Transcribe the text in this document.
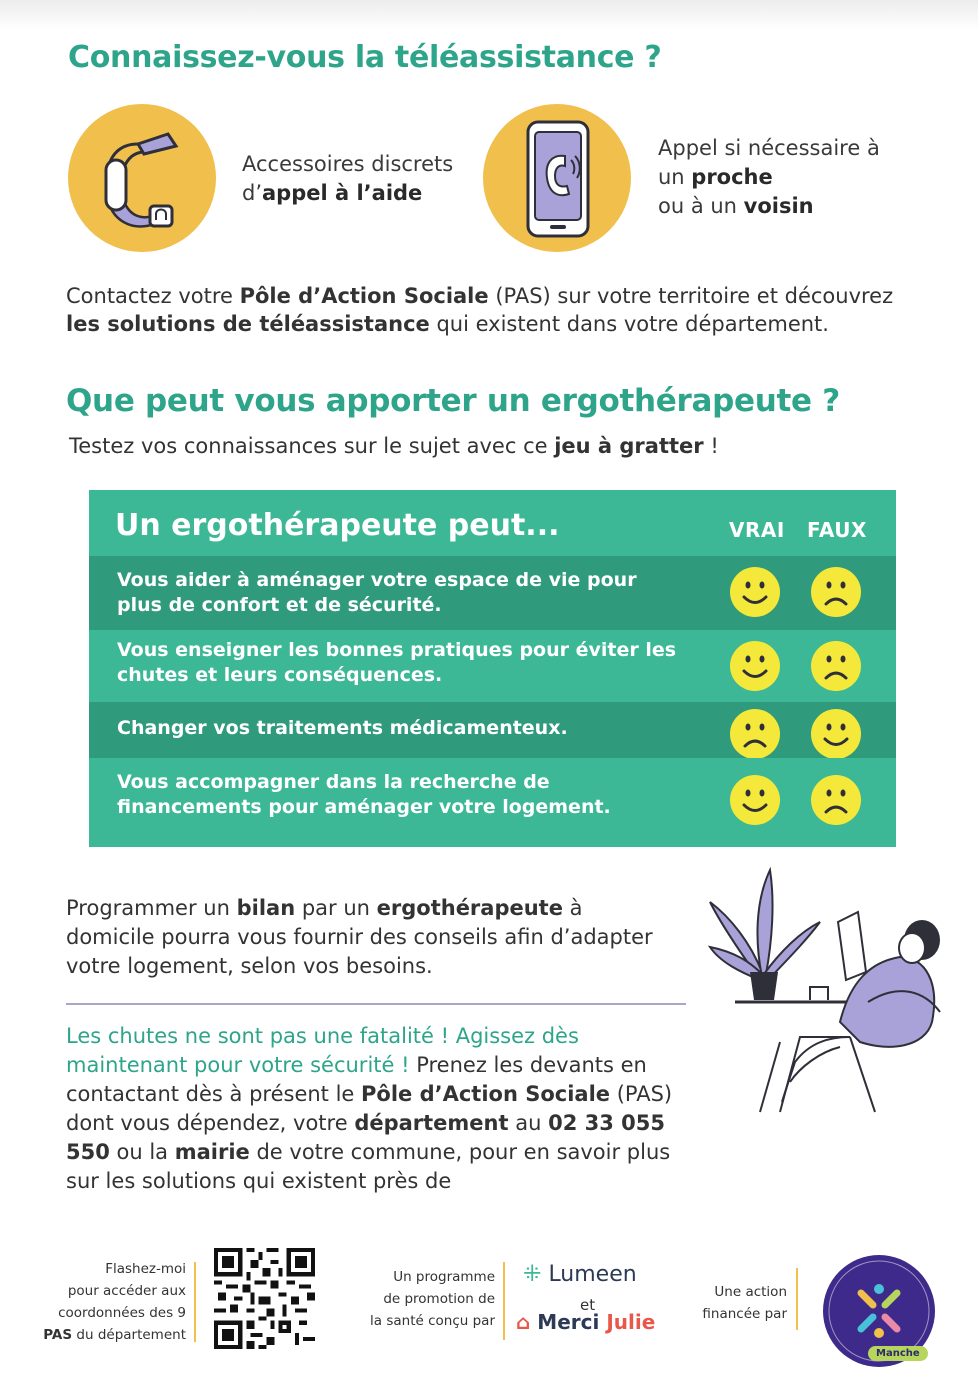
Connaissez-vous la téléassistance ?
Accessoires discrets
d’appel à l’aide
Appel si nécessaire à
un proche
ou à un voisin

Contactez votre Pôle d’Action Sociale (PAS) sur votre territoire et découvrez les solutions de téléassistance qui existent dans votre département.

Que peut vous apporter un ergothérapeute ?

Testez vos connaissances sur le sujet avec ce jeu à gratter !

Un ergothérapeute peut...	VRAI FAUX
Vous aider à aménager votre espace de vie pour plus de confort et de sécurité.
Vous enseigner les bonnes pratiques pour éviter les chutes et leurs conséquences.
Changer vos traitements médicamenteux.
Vous accompagner dans la recherche de financements pour aménager votre logement.

Programmer un bilan par un ergothérapeute à domicile pourra vous fournir des conseils afin d’adapter votre logement, selon vos besoins.

Les chutes ne sont pas une fatalité ! Agissez dès maintenant pour votre sécurité ! Prenez les devants en contactant dès à présent le Pôle d’Action Sociale (PAS) dont vous dépendez, votre département au 02 33 055 550 ou la mairie de votre commune, pour en savoir plus sur les solutions qui existent près de

Flashez-moi
pour accéder aux
coordonnées des 9
PAS du département
Un programme
de promotion de
la santé conçu par
⁜ Lumeen
et
⌂ Merci Julie
Une action
financée par
Manche
